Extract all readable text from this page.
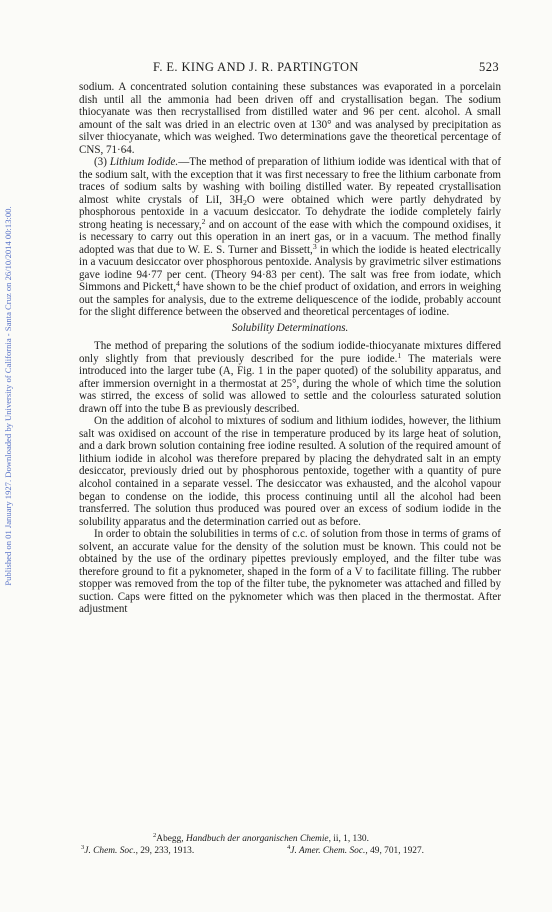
Published on 01 January 1927. Downloaded by University of California - Santa Cruz on 26/10/2014 00:13:00.
F. E. KING AND J. R. PARTINGTON	523

sodium. A concentrated solution containing these substances was evaporated in a porcelain dish until all the ammonia had been driven off and crystallisation began. The sodium thiocyanate was then recrystallised from distilled water and 96 per cent. alcohol. A small amount of the salt was dried in an electric oven at 130° and was analysed by precipitation as silver thiocyanate, which was weighed. Two determinations gave the theoretical percentage of CNS, 71·64.

(3) Lithium Iodide.—The method of preparation of lithium iodide was identical with that of the sodium salt, with the exception that it was first necessary to free the lithium carbonate from traces of sodium salts by washing with boiling distilled water. By repeated crystallisation almost white crystals of LiI, $3H_2O$ were obtained which were partly dehydrated by phosphorous pentoxide in a vacuum desiccator. To dehydrate the iodide completely fairly strong heating is necessary,$^2$ and on account of the ease with which the compound oxidises, it is necessary to carry out this operation in an inert gas, or in a vacuum. The method finally adopted was that due to W. E. S. Turner and Bissett,$^3$ in which the iodide is heated electrically in a vacuum desiccator over phosphorous pentoxide. Analysis by gravimetric silver estimations gave iodine 94·77 per cent. (Theory 94·83 per cent). The salt was free from iodate, which Simmons and Pickett,$^4$ have shown to be the chief product of oxidation, and errors in weighing out the samples for analysis, due to the extreme deliquescence of the iodide, probably account for the slight difference between the observed and theoretical percentages of iodine.

Solubility Determinations.

The method of preparing the solutions of the sodium iodide-thiocyanate mixtures differed only slightly from that previously described for the pure iodide.$^1$ The materials were introduced into the larger tube (A, Fig. 1 in the paper quoted) of the solubility apparatus, and after immersion overnight in a thermostat at 25°, during the whole of which time the solution was stirred, the excess of solid was allowed to settle and the colourless saturated solution drawn off into the tube B as previously described.

On the addition of alcohol to mixtures of sodium and lithium iodides, however, the lithium salt was oxidised on account of the rise in temperature produced by its large heat of solution, and a dark brown solution containing free iodine resulted. A solution of the required amount of lithium iodide in alcohol was therefore prepared by placing the dehydrated salt in an empty desiccator, previously dried out by phosphorous pentoxide, together with a quantity of pure alcohol contained in a separate vessel. The desiccator was exhausted, and the alcohol vapour began to condense on the iodide, this process continuing until all the alcohol had been transferred. The solution thus produced was poured over an excess of sodium iodide in the solubility apparatus and the determination carried out as before.

In order to obtain the solubilities in terms of c.c. of solution from those in terms of grams of solvent, an accurate value for the density of the solution must be known. This could not be obtained by the use of the ordinary pipettes previously employed, and the filter tube was therefore ground to fit a pyknometer, shaped in the form of a V to facilitate filling. The rubber stopper was removed from the top of the filter tube, the pyknometer was attached and filled by suction. Caps were fitted on the pyknometer which was then placed in the thermostat. After adjustment

$^2$Abegg, Handbuch der anorganischen Chemie, ii, 1, 130.
$^3$J. Chem. Soc., 29, 233, 1913.	$^4$J. Amer. Chem. Soc., 49, 701, 1927.
